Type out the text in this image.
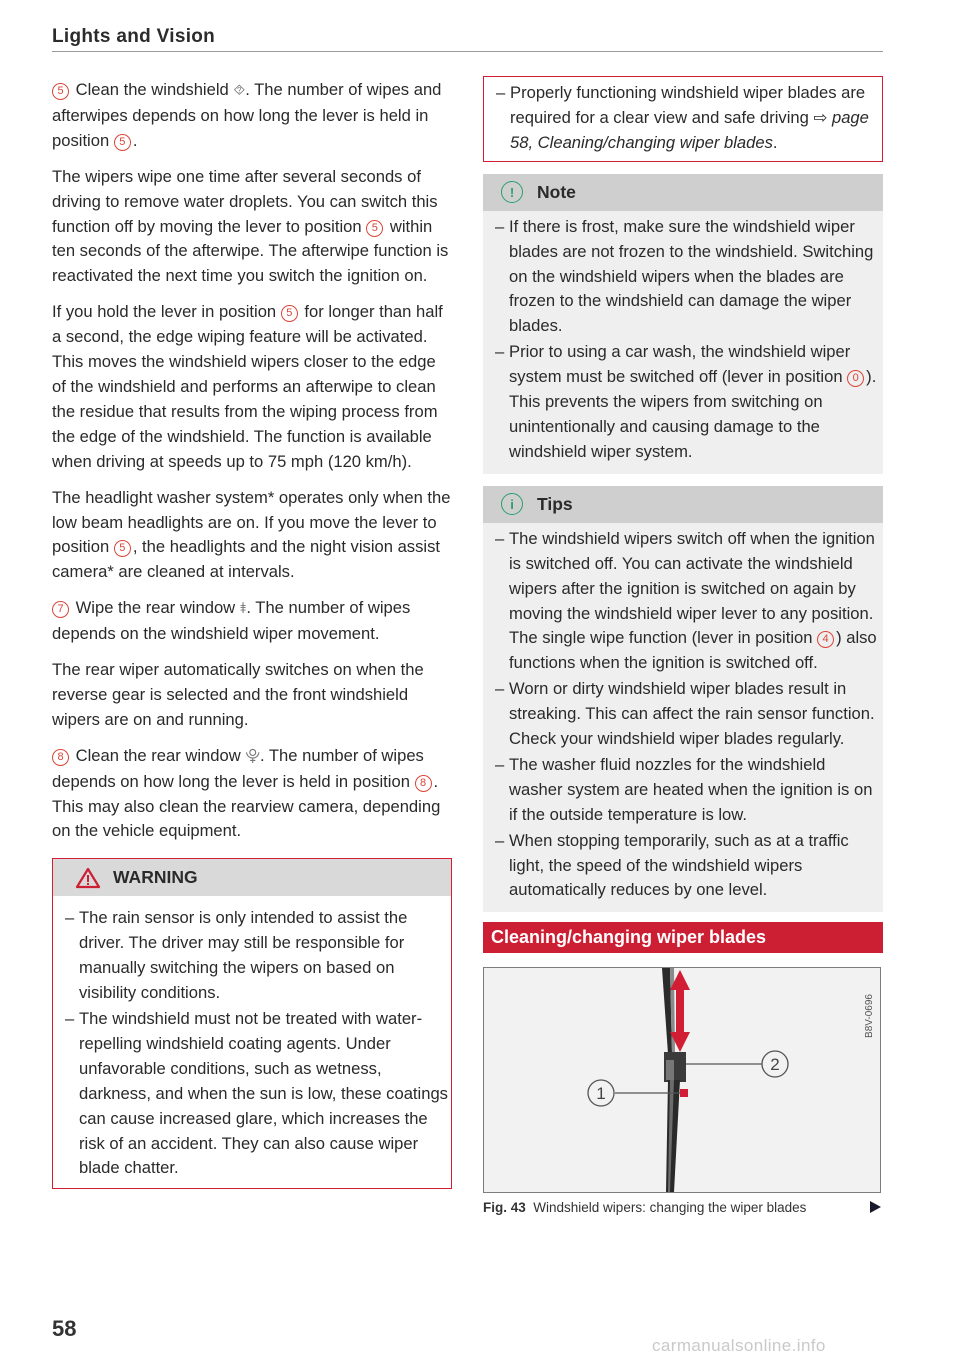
Lights and Vision

5 Clean the windshield ⯑. The number of wipes and afterwipes depends on how long the lever is held in position 5 .

The wipers wipe one time after several seconds of driving to remove water droplets. You can switch this function off by moving the lever to position 5 within ten seconds of the afterwipe. The afterwipe function is reactivated the next time you switch the ignition on.

If you hold the lever in position 5 for longer than half a second, the edge wiping feature will be activated. This moves the windshield wipers closer to the edge of the windshield and performs an afterwipe to clean the residue that results from the wiping process from the edge of the windshield. The function is available when driving at speeds up to 75 mph (120 km/h).

The headlight washer system* operates only when the low beam headlights are on. If you move the lever to position 5 , the headlights and the night vision assist camera* are cleaned at intervals.

7 Wipe the rear window ⯒. The number of wipes depends on the windshield wiper movement.

The rear wiper automatically switches on when the reverse gear is selected and the front windshield wipers are on and running.

8 Clean the rear window ⯓. The number of wipes depends on how long the lever is held in position 8 . This may also clean the rearview camera, depending on the vehicle equipment.

WARNING
– The rain sensor is only intended to assist the driver. The driver may still be responsible for manually switching the wipers on based on visibility conditions.
– The windshield must not be treated with water-repelling windshield coating agents. Under unfavorable conditions, such as wetness, darkness, and when the sun is low, these coatings can cause increased glare, which increases the risk of an accident. They can also cause wiper blade chatter.
– Properly functioning windshield wiper blades are required for a clear view and safe driving ⇨ page 58, Cleaning/changing wiper blades.
!	Note
– If there is frost, make sure the windshield wiper blades are not frozen to the windshield. Switching on the windshield wipers when the blades are frozen to the windshield can damage the wiper blades.
– Prior to using a car wash, the windshield wiper system must be switched off (lever in position 0 ). This prevents the wipers from switching on unintentionally and causing damage to the windshield wiper system.
i	Tips
– The windshield wipers switch off when the ignition is switched off. You can activate the windshield wipers after the ignition is switched on again by moving the windshield wiper lever to any position. The single wipe function (lever in position 4 ) also functions when the ignition is switched off.
– Worn or dirty windshield wiper blades result in streaking. This can affect the rain sensor function. Check your windshield wiper blades regularly.
– The washer fluid nozzles for the windshield washer system are heated when the ignition is on if the outside temperature is low.
– When stopping temporarily, such as at a traffic light, the speed of the windshield wipers automatically reduces by one level.
Cleaning/changing wiper blades
2
1
B8V-0696
Fig. 43 Windshield wipers: changing the wiper blades
58
carmanualsonline.info
